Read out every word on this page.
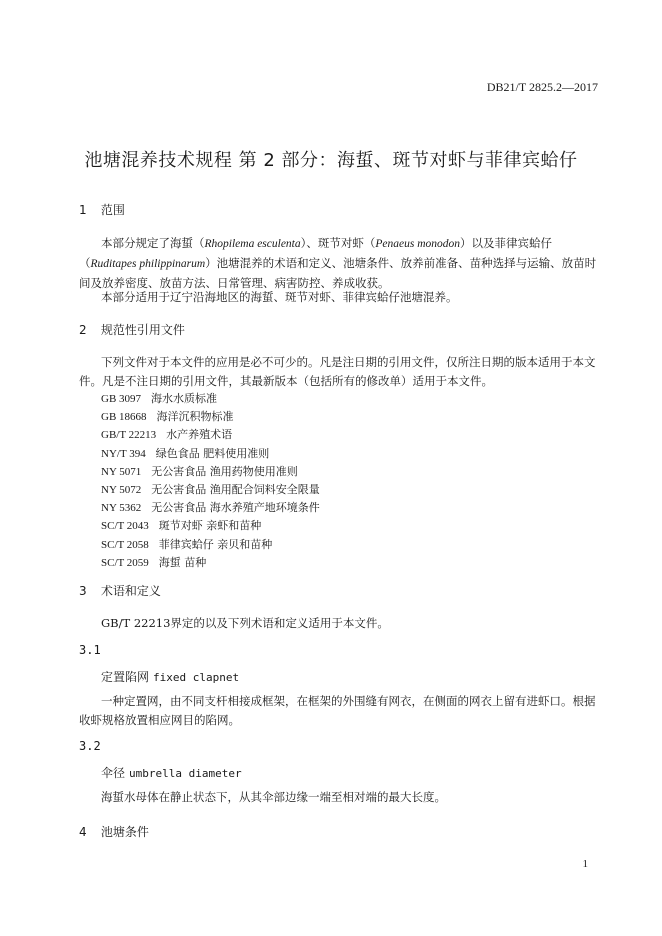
DB21/T 2825.2—2017
池塘混养技术规程 第 2 部分：海蜇、斑节对虾与菲律宾蛤仔
1 范围
本部分规定了海蜇（Rhopilema esculenta）、斑节对虾（Penaeus monodon）以及菲律宾蛤仔（Ruditapes philippinarum）池塘混养的术语和定义、池塘条件、放养前准备、苗种选择与运输、放苗时间及放养密度、放苗方法、日常管理、病害防控、养成收获。
本部分适用于辽宁沿海地区的海蜇、斑节对虾、菲律宾蛤仔池塘混养。
2 规范性引用文件
下列文件对于本文件的应用是必不可少的。凡是注日期的引用文件，仅所注日期的版本适用于本文件。凡是不注日期的引用文件，其最新版本（包括所有的修改单）适用于本文件。
GB 3097 海水水质标准
GB 18668 海洋沉积物标准
GB/T 22213 水产养殖术语
NY/T 394 绿色食品 肥料使用准则
NY 5071 无公害食品 渔用药物使用准则
NY 5072 无公害食品 渔用配合饲料安全限量
NY 5362 无公害食品 海水养殖产地环境条件
SC/T 2043 斑节对虾 亲虾和苗种
SC/T 2058 菲律宾蛤仔 亲贝和苗种
SC/T 2059 海蜇 苗种
3 术语和定义
GB/T 22213界定的以及下列术语和定义适用于本文件。
3.1
定置陷网 fixed clapnet
一种定置网，由不同支杆相接成框架，在框架的外围缝有网衣，在侧面的网衣上留有进虾口。根据收虾规格放置相应网目的陷网。
3.2
伞径 umbrella diameter
海蜇水母体在静止状态下，从其伞部边缘一端至相对端的最大长度。
4 池塘条件
1
